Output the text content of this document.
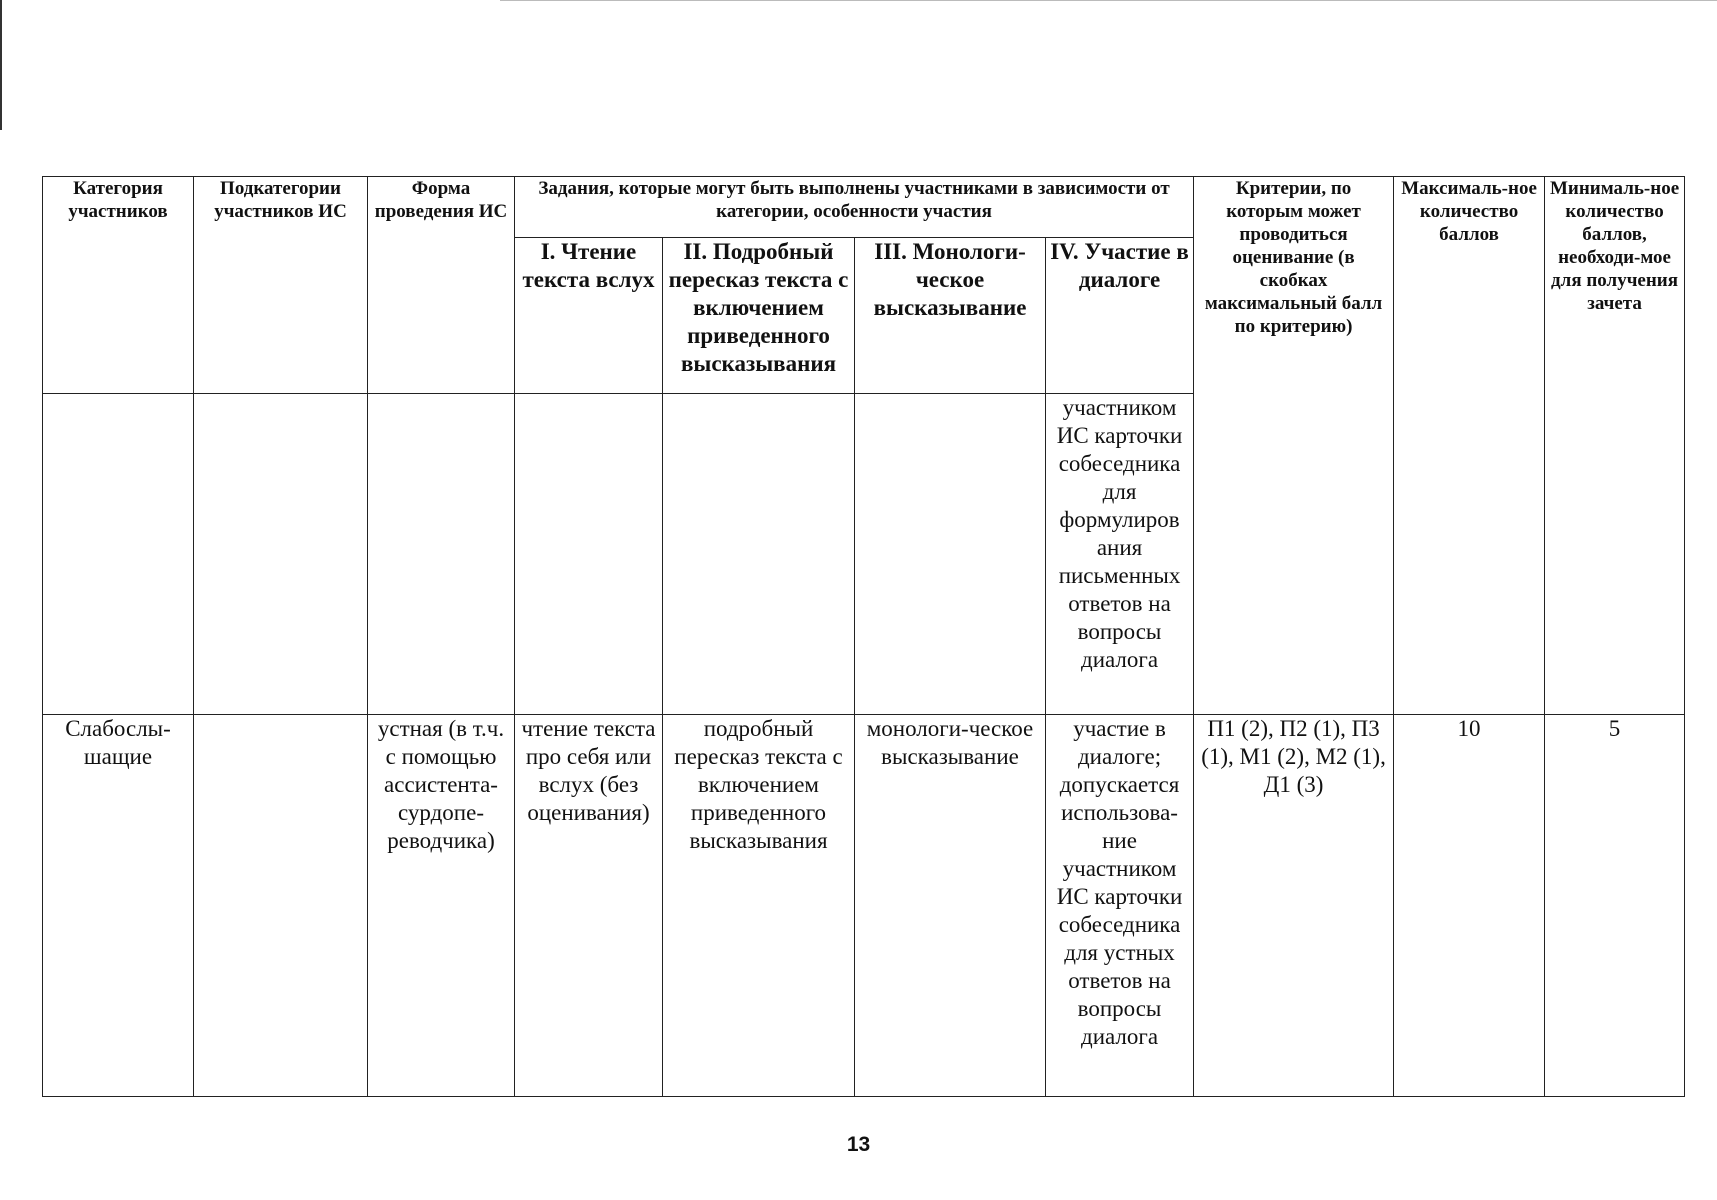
Категория участников	Подкатегории участников ИС	Форма проведения ИС	Задания, которые могут быть выполнены участниками в зависимости от категории, особенности участия				Критерии, по которым может проводиться оценивание (в скобках максимальный балл по критерию)	Максималь-ное количество баллов	Минималь-ное количество баллов, необходи-мое для получения зачета
			I. Чтение текста вслух	II. Подробный пересказ текста с включением приведенного высказывания	III. Монологи-ческое высказывание	IV. Участие в диалоге			
						участником ИС карточки собеседника для формулиров ания письменных ответов на вопросы диалога			
Слабослы-шащие		устная (в т.ч. с помощью ассистента-сурдопе-реводчика)	чтение текста про себя или вслух (без оценивания)	подробный пересказ текста с включением приведенного высказывания	монологи-ческое высказывание	участие в диалоге; допускается использова-ние участником ИС карточки собеседника для устных ответов на вопросы диалога	П1 (2), П2 (1), П3 (1), М1 (2), М2 (1), Д1 (3)	10	5
13
